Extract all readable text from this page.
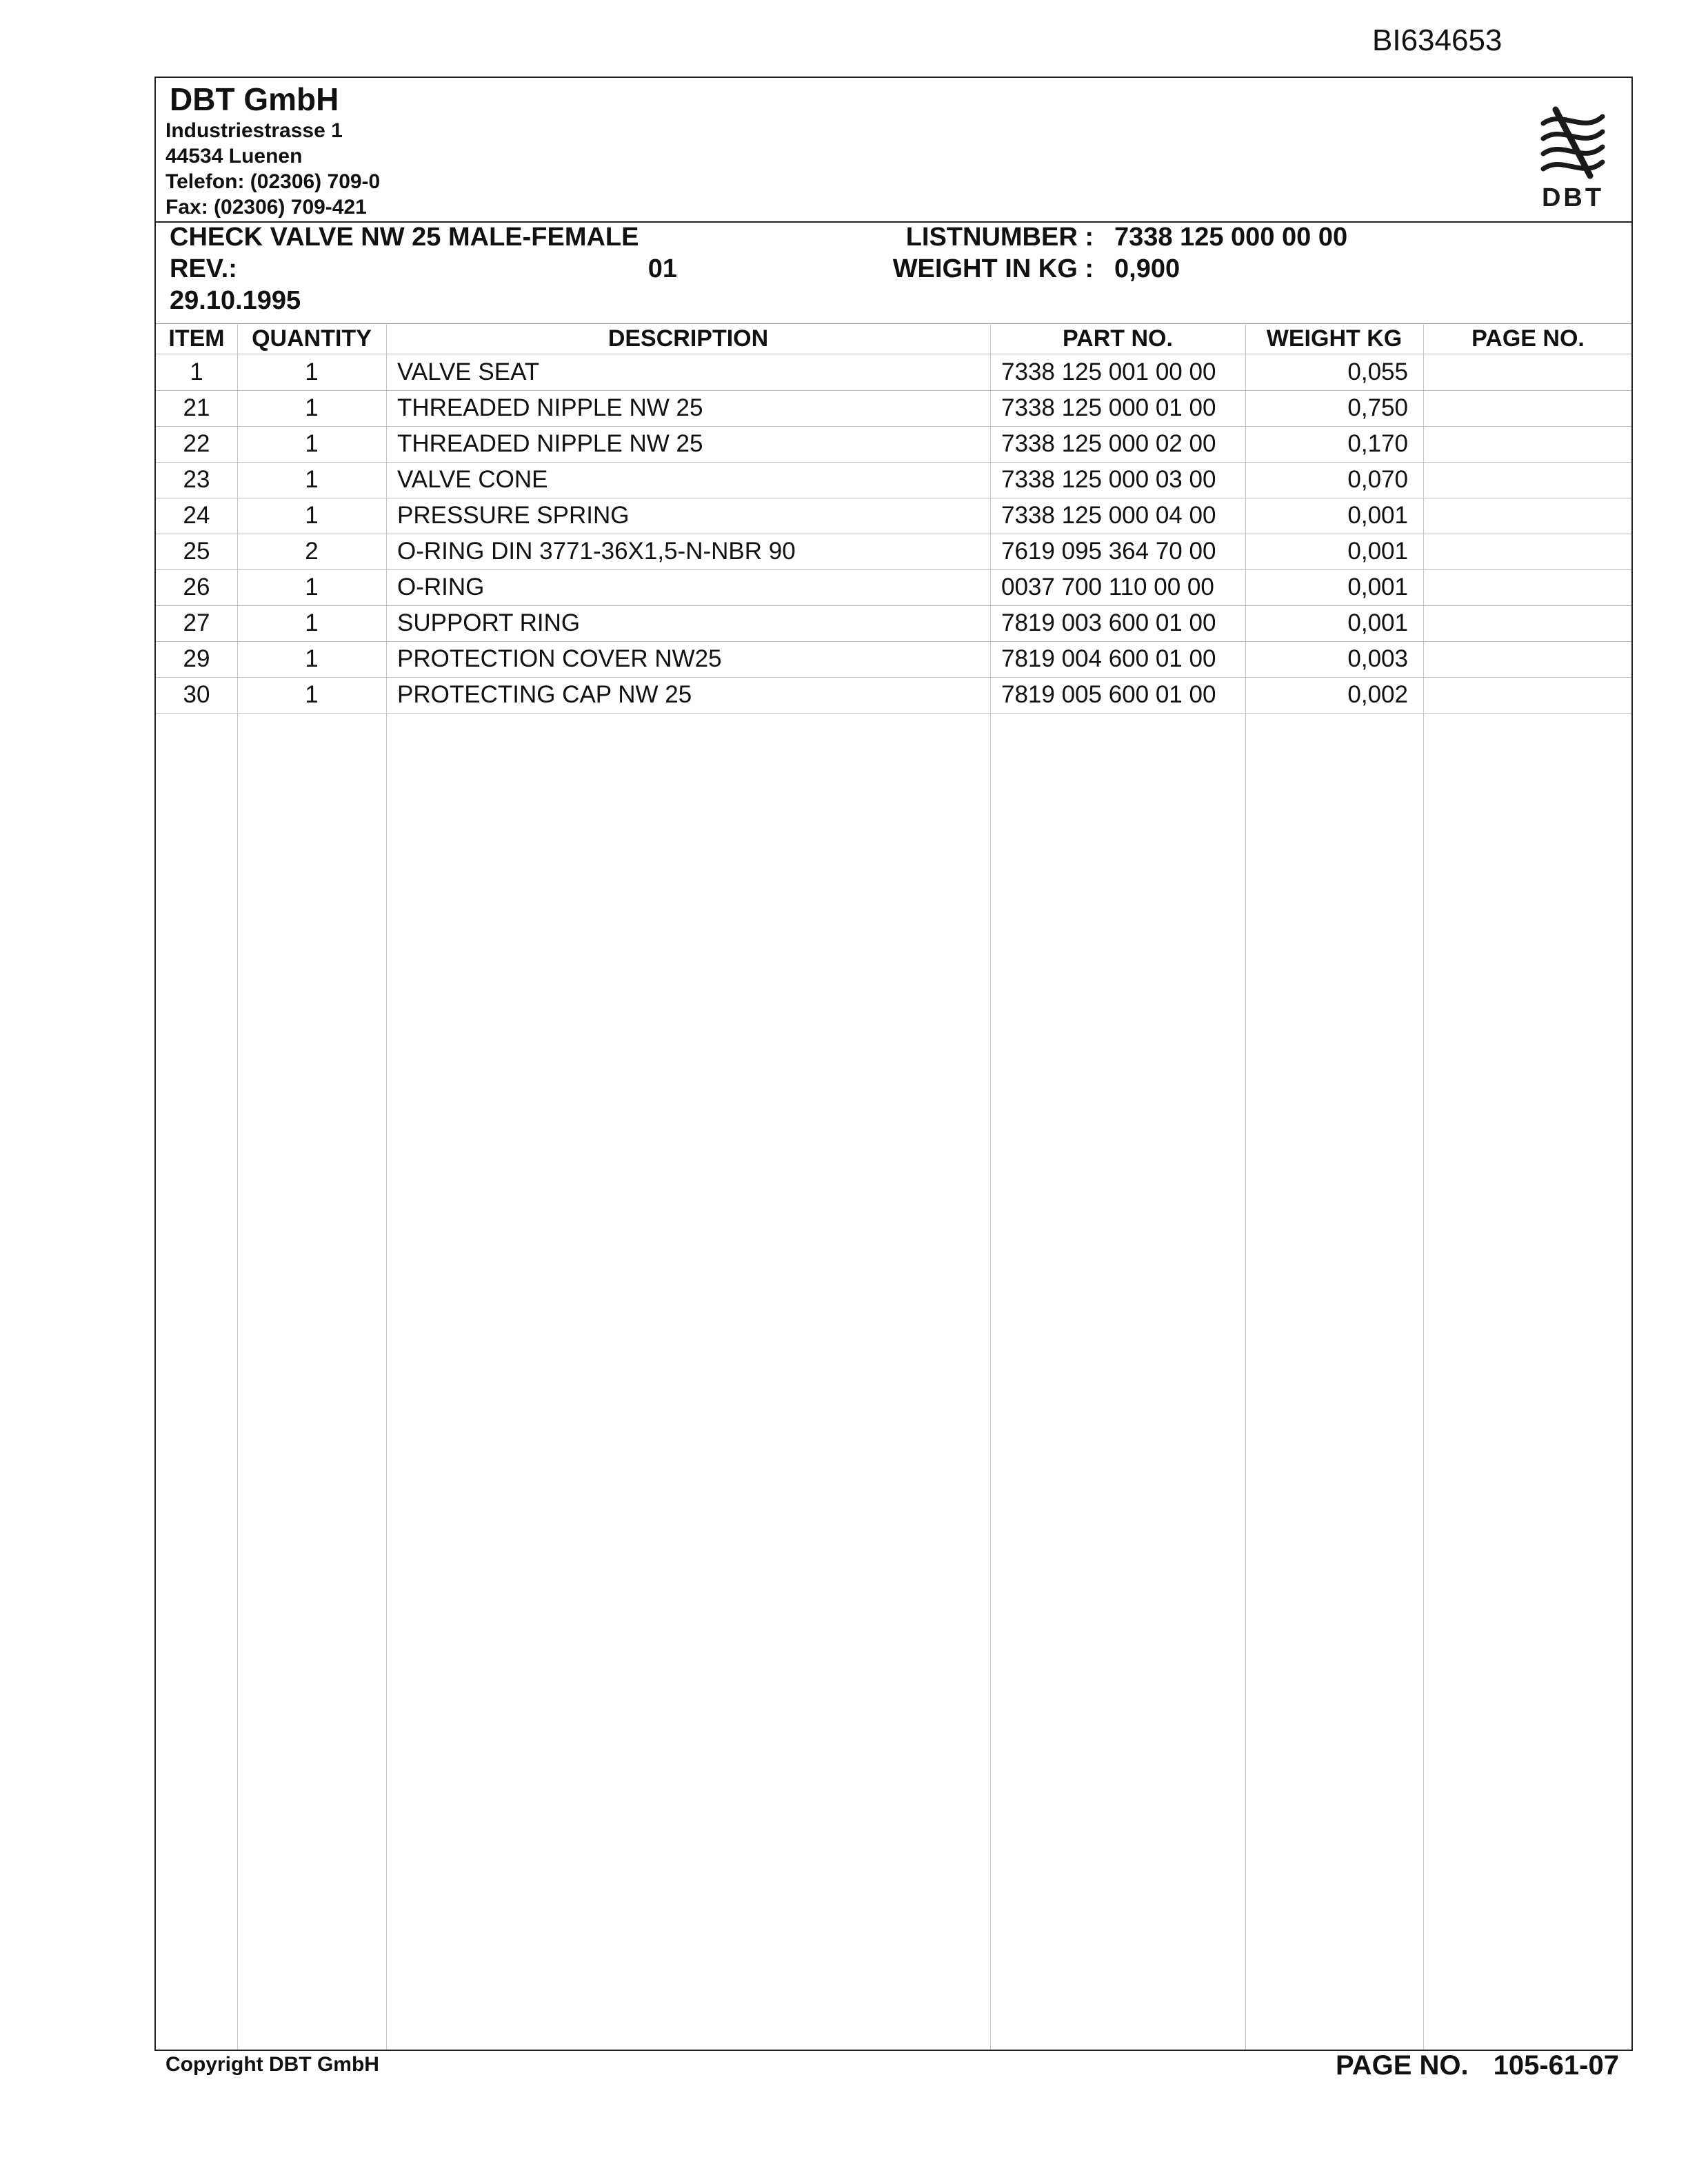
BI634653
DBT GmbH
Industriestrasse 1
44534 Luenen
Telefon: (02306) 709-0
Fax: (02306) 709-421	DBT
CHECK VALVE NW 25 MALE-FEMALE
REV.:	01
29.10.1995
LISTNUMBER : 7338 125 000 00 00
WEIGHT IN KG : 0,900
ITEM	QUANTITY	DESCRIPTION	PART NO.	WEIGHT KG	PAGE NO.
1	1	VALVE SEAT	7338 125 001 00 00	0,055
21	1	THREADED NIPPLE NW 25	7338 125 000 01 00	0,750
22	1	THREADED NIPPLE NW 25	7338 125 000 02 00	0,170
23	1	VALVE CONE	7338 125 000 03 00	0,070
24	1	PRESSURE SPRING	7338 125 000 04 00	0,001
25	2	O-RING DIN 3771-36X1,5-N-NBR 90	7619 095 364 70 00	0,001
26	1	O-RING	0037 700 110 00 00	0,001
27	1	SUPPORT RING	7819 003 600 01 00	0,001
29	1	PROTECTION COVER NW25	7819 004 600 01 00	0,003
30	1	PROTECTING CAP NW 25	7819 005 600 01 00	0,002
Copyright DBT GmbH	PAGE NO. 105-61-07
